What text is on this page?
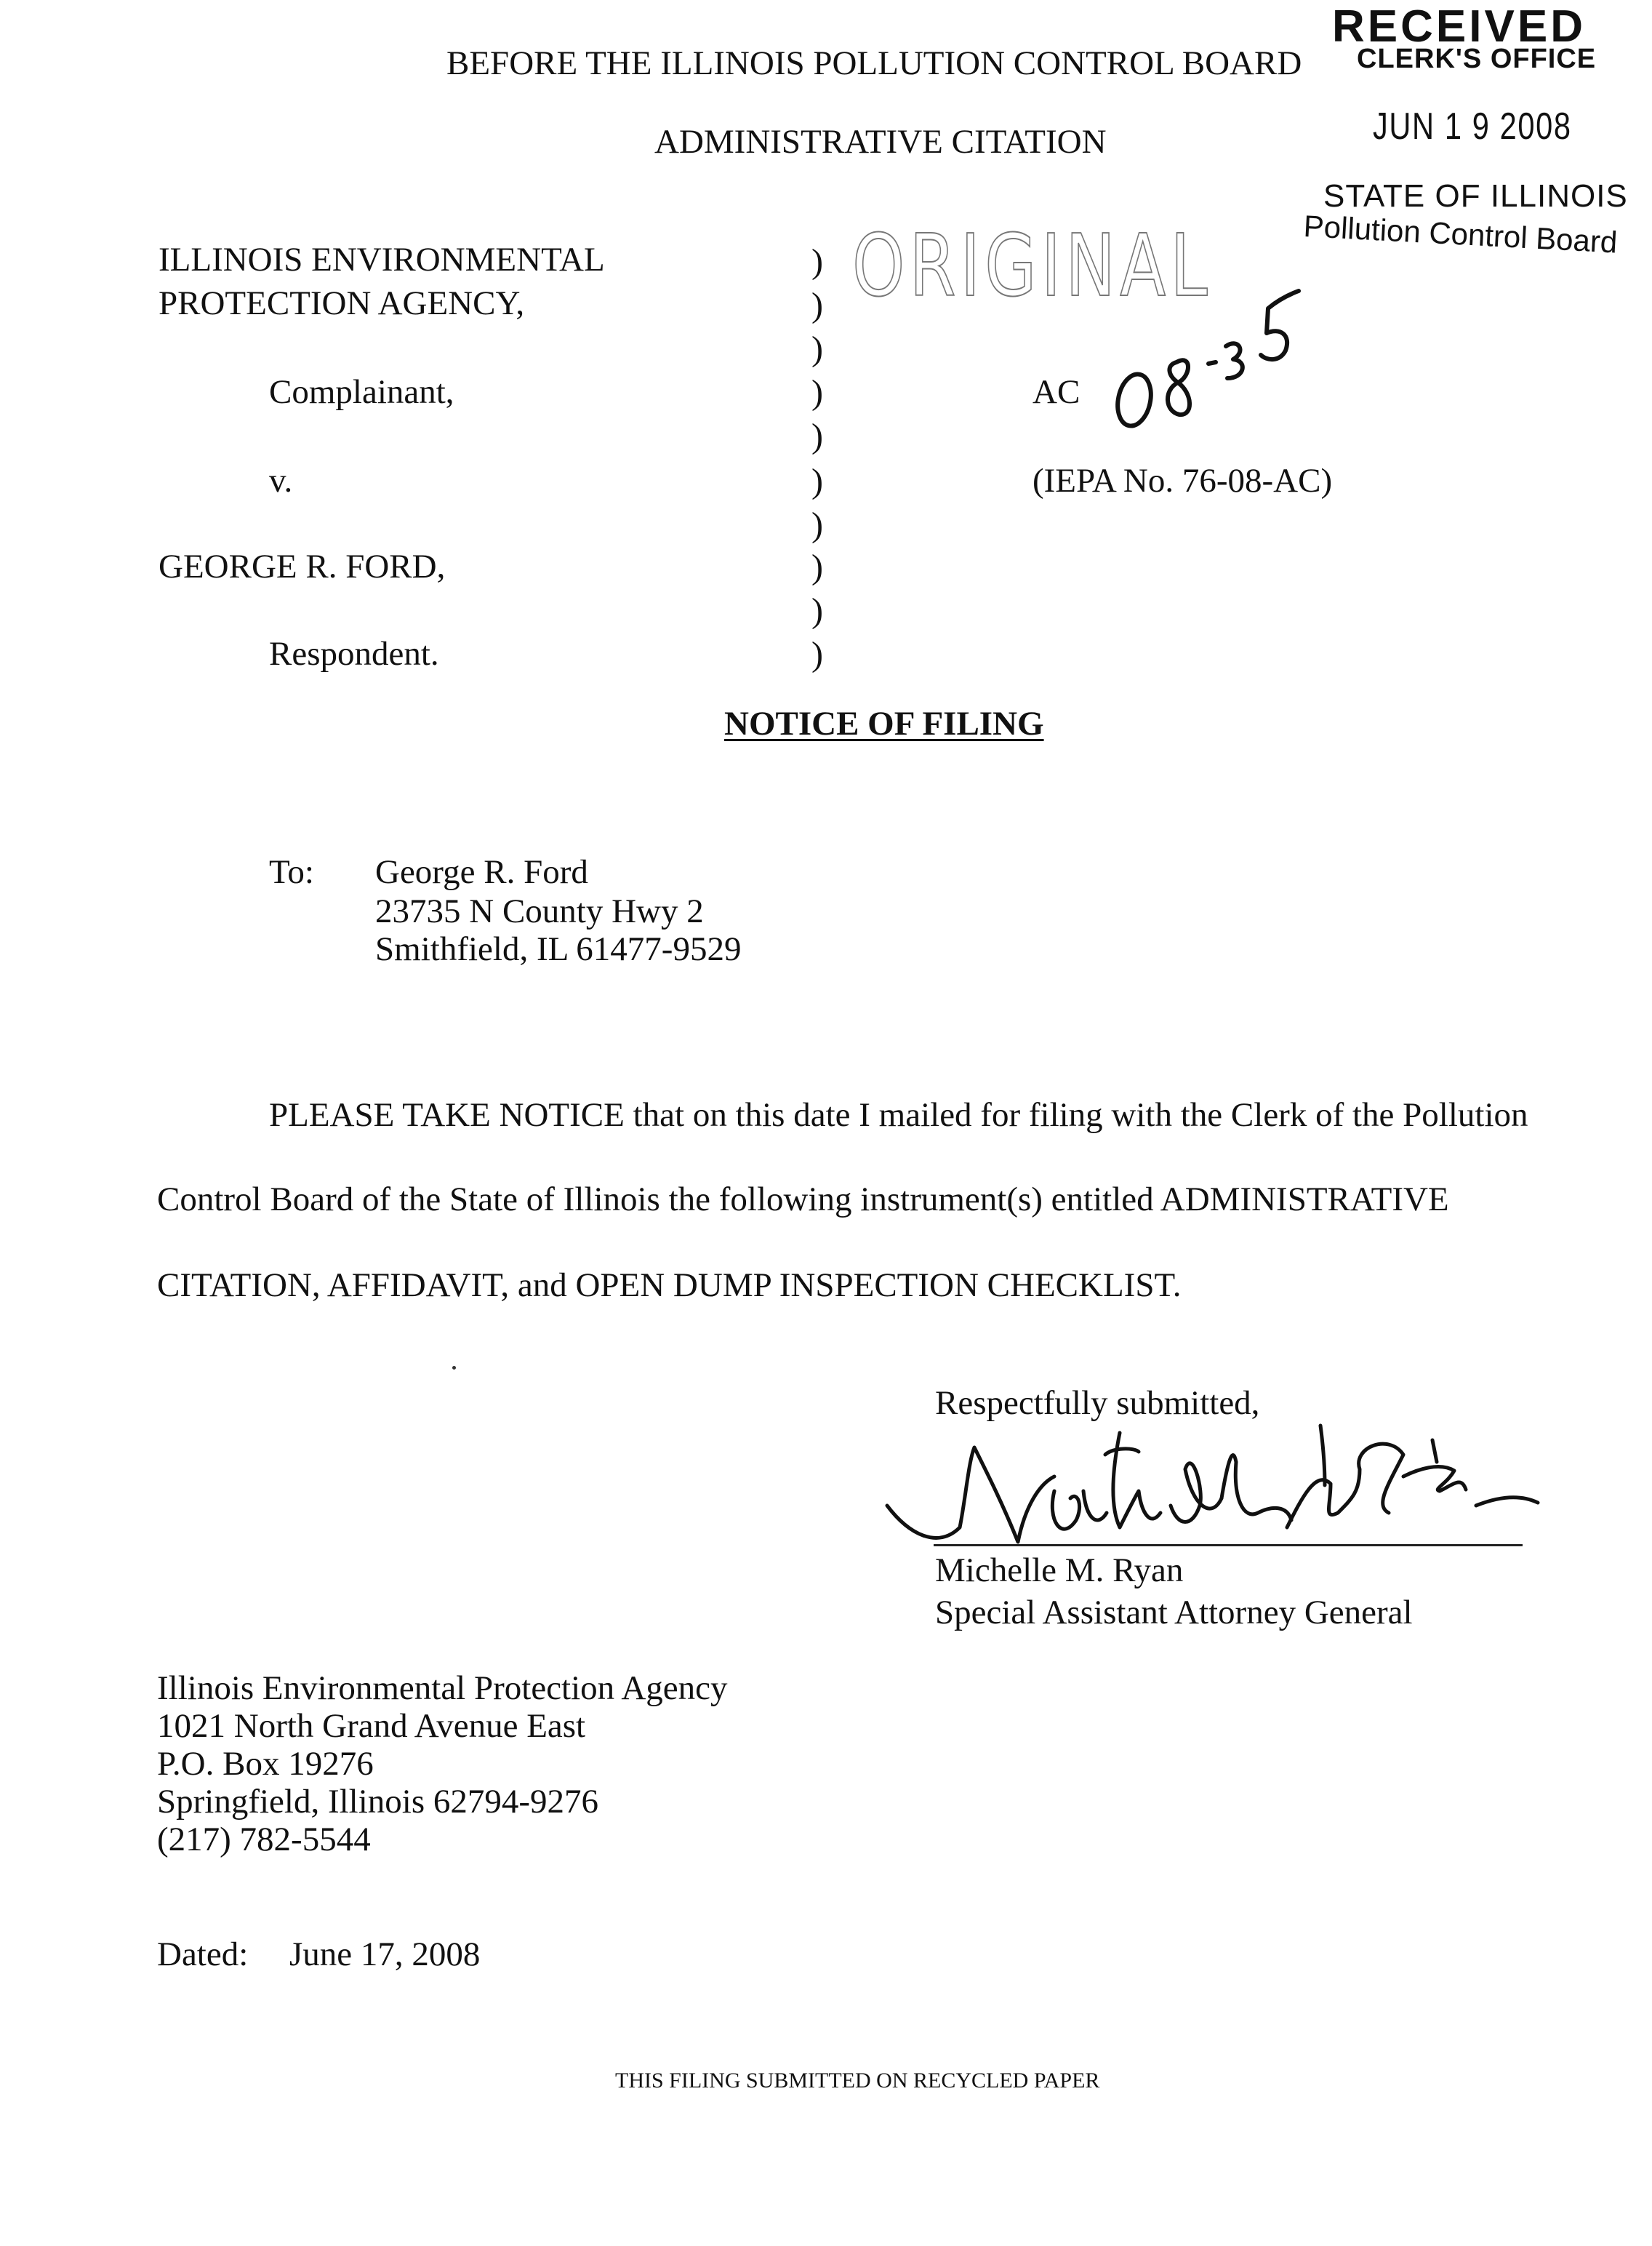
RECEIVED
CLERK'S OFFICE
JUN 1 9 2008
STATE OF ILLINOIS
Pollution Control Board
BEFORE THE ILLINOIS POLLUTION CONTROL BOARD
ADMINISTRATIVE CITATION
ORIGINAL
ILLINOIS ENVIRONMENTAL
PROTECTION AGENCY,
Complainant,
v.
GEORGE R. FORD,
Respondent.
)
)
)
)
)
)
)
)
)
)
AC
08-35
(IEPA No. 76-08-AC)
NOTICE OF FILING
To: George R. Ford
23735 N County Hwy 2
Smithfield, IL 61477-9529
PLEASE TAKE NOTICE that on this date I mailed for filing with the Clerk of the Pollution
Control Board of the State of Illinois the following instrument(s) entitled ADMINISTRATIVE
CITATION, AFFIDAVIT, and OPEN DUMP INSPECTION CHECKLIST.
Respectfully submitted,
Michelle M. Ryan
Special Assistant Attorney General
Illinois Environmental Protection Agency
1021 North Grand Avenue East
P.O. Box 19276
Springfield, Illinois 62794-9276
(217) 782-5544
Dated: June 17, 2008
THIS FILING SUBMITTED ON RECYCLED PAPER
